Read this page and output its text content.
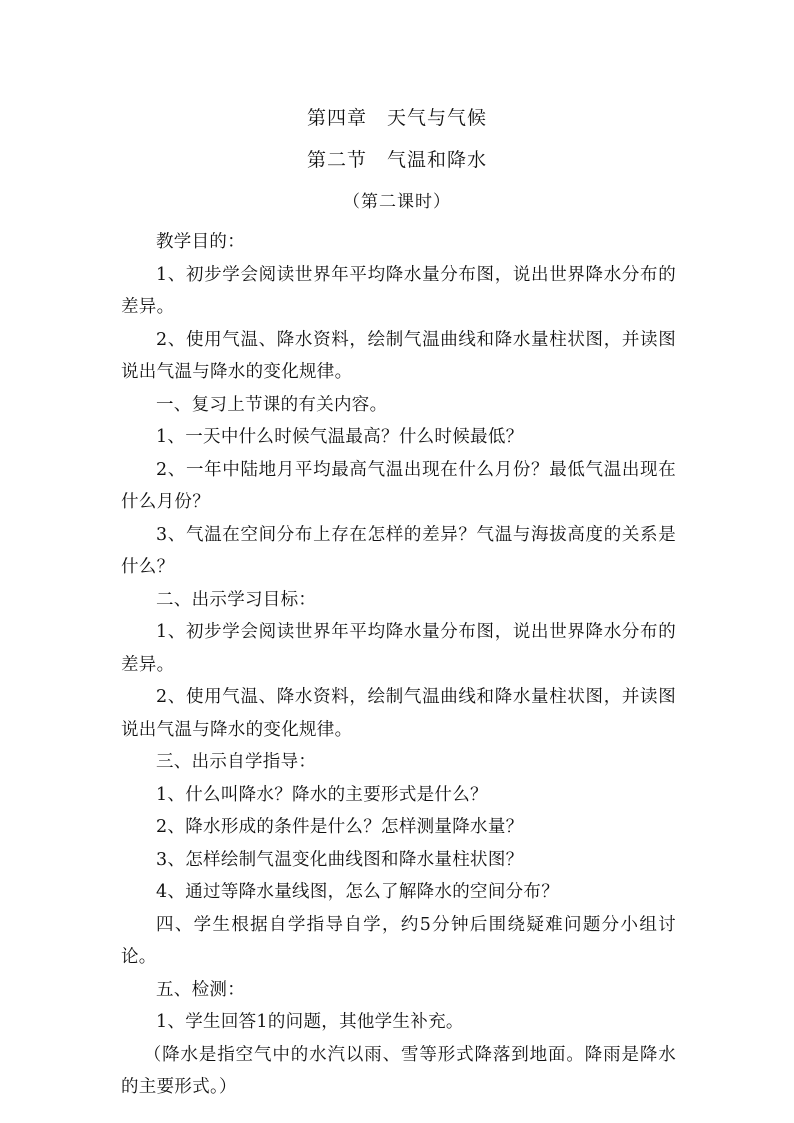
第四章　天气与气候
第二节　气温和降水
（第二课时）

教学目的：

1、初步学会阅读世界年平均降水量分布图，说出世界降水分布的差异。

2、使用气温、降水资料，绘制气温曲线和降水量柱状图，并读图说出气温与降水的变化规律。

一、复习上节课的有关内容。

1、一天中什么时候气温最高？什么时候最低？

2、一年中陆地月平均最高气温出现在什么月份？最低气温出现在什么月份？

3、气温在空间分布上存在怎样的差异？气温与海拔高度的关系是什么？

二、出示学习目标：

1、初步学会阅读世界年平均降水量分布图，说出世界降水分布的差异。

2、使用气温、降水资料，绘制气温曲线和降水量柱状图，并读图说出气温与降水的变化规律。

三、出示自学指导：

1、什么叫降水？降水的主要形式是什么？

2、降水形成的条件是什么？怎样测量降水量？

3、怎样绘制气温变化曲线图和降水量柱状图？

4、通过等降水量线图，怎么了解降水的空间分布？

四、学生根据自学指导自学，约5分钟后围绕疑难问题分小组讨论。

五、检测：

1、学生回答1的问题，其他学生补充。

（降水是指空气中的水汽以雨、雪等形式降落到地面。降雨是降水的主要形式。）
